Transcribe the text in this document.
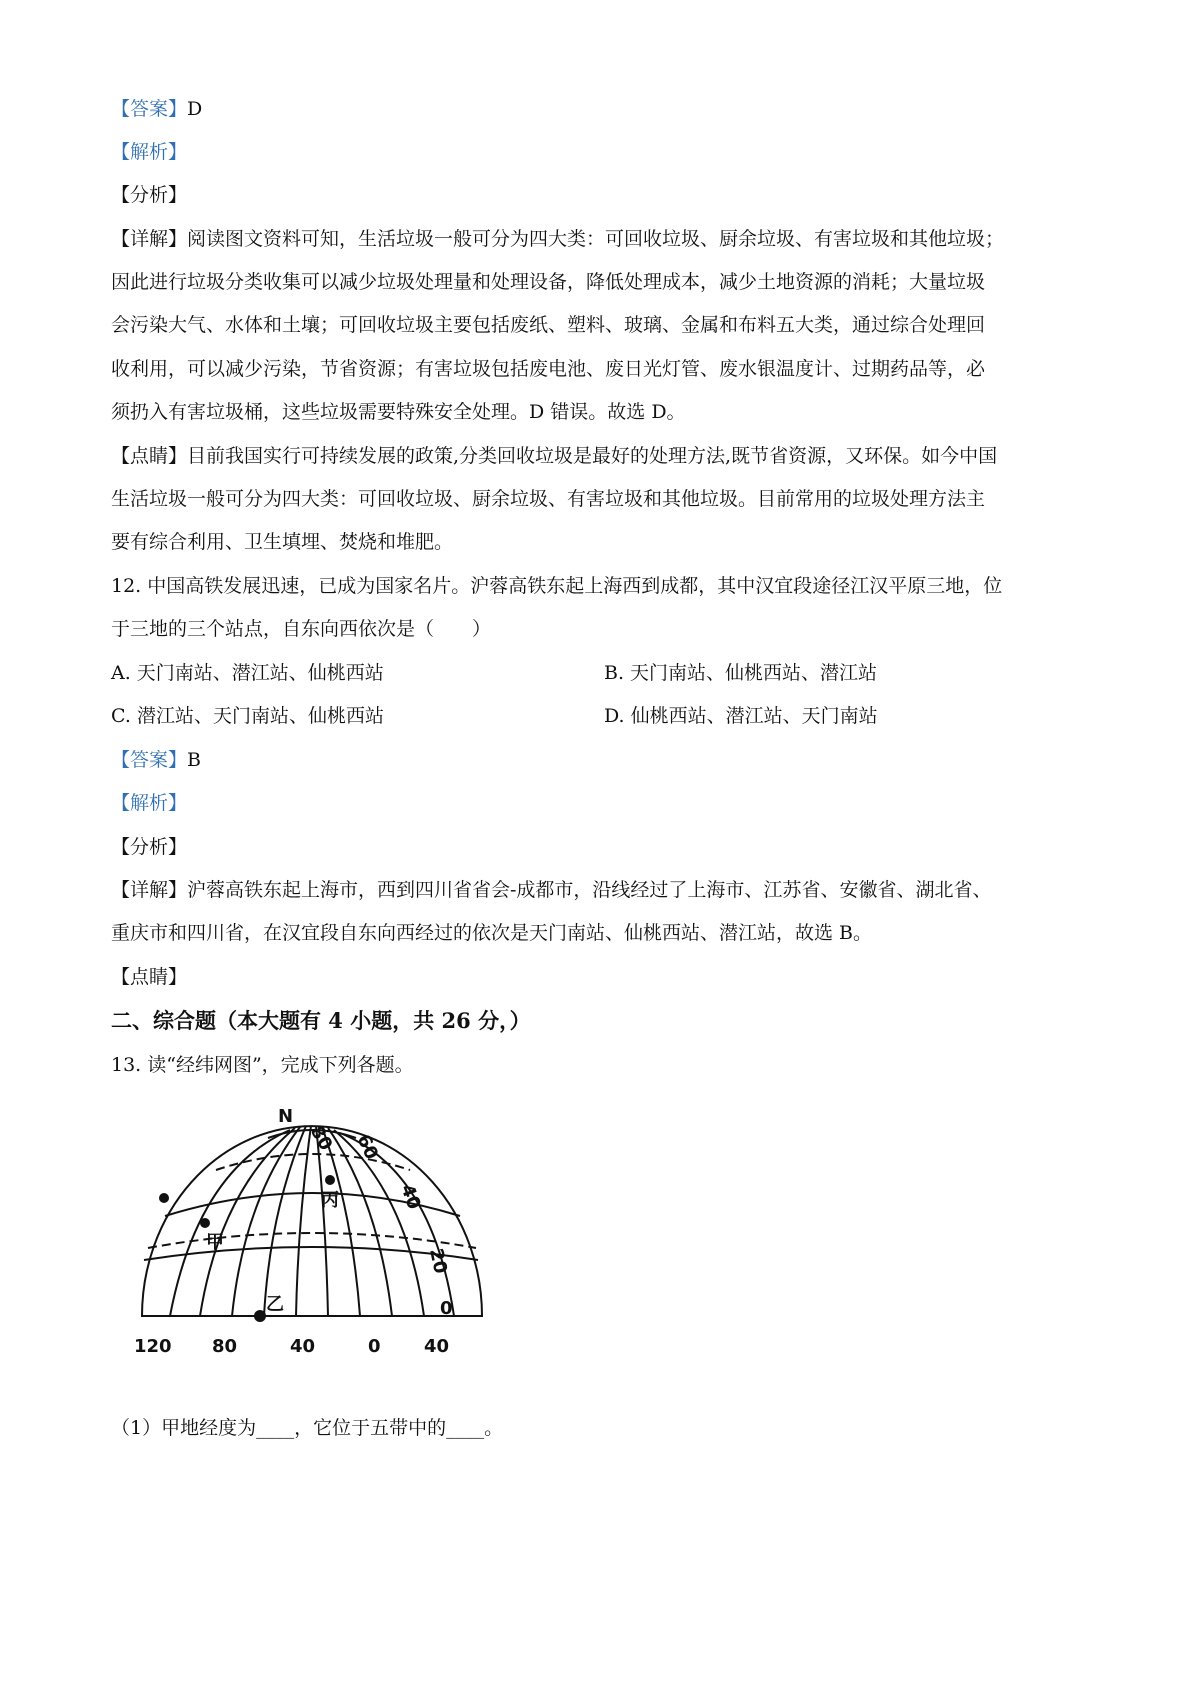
【答案】D
【解析】
【分析】
【详解】阅读图文资料可知，生活垃圾一般可分为四大类：可回收垃圾、厨余垃圾、有害垃圾和其他垃圾；
因此进行垃圾分类收集可以减少垃圾处理量和处理设备，降低处理成本，减少土地资源的消耗；大量垃圾
会污染大气、水体和土壤；可回收垃圾主要包括废纸、塑料、玻璃、金属和布料五大类，通过综合处理回
收利用，可以减少污染，节省资源；有害垃圾包括废电池、废日光灯管、废水银温度计、过期药品等，必
须扔入有害垃圾桶，这些垃圾需要特殊安全处理。D 错误。故选 D。
【点睛】目前我国实行可持续发展的政策,分类回收垃圾是最好的处理方法,既节省资源，又环保。如今中国
生活垃圾一般可分为四大类：可回收垃圾、厨余垃圾、有害垃圾和其他垃圾。目前常用的垃圾处理方法主
要有综合利用、卫生填埋、焚烧和堆肥。
12. 中国高铁发展迅速，已成为国家名片。沪蓉高铁东起上海西到成都，其中汉宜段途径江汉平原三地，位
于三地的三个站点，自东向西依次是（　　）
A. 天门南站、潜江站、仙桃西站	B. 天门南站、仙桃西站、潜江站
C. 潜江站、天门南站、仙桃西站	D. 仙桃西站、潜江站、天门南站
【答案】B
【解析】
【分析】
【详解】沪蓉高铁东起上海市，西到四川省省会-成都市，沿线经过了上海市、江苏省、安徽省、湖北省、
重庆市和四川省，在汉宜段自东向西经过的依次是天门南站、仙桃西站、潜江站，故选 B。
【点睛】
二、综合题（本大题有 4 小题，共 26 分，）
13. 读“经纬网图”，完成下列各题。
N
甲
丙
乙
80 60
40
20
0
120 80	40	0 40
（1）甲地经度为____，它位于五带中的____。
